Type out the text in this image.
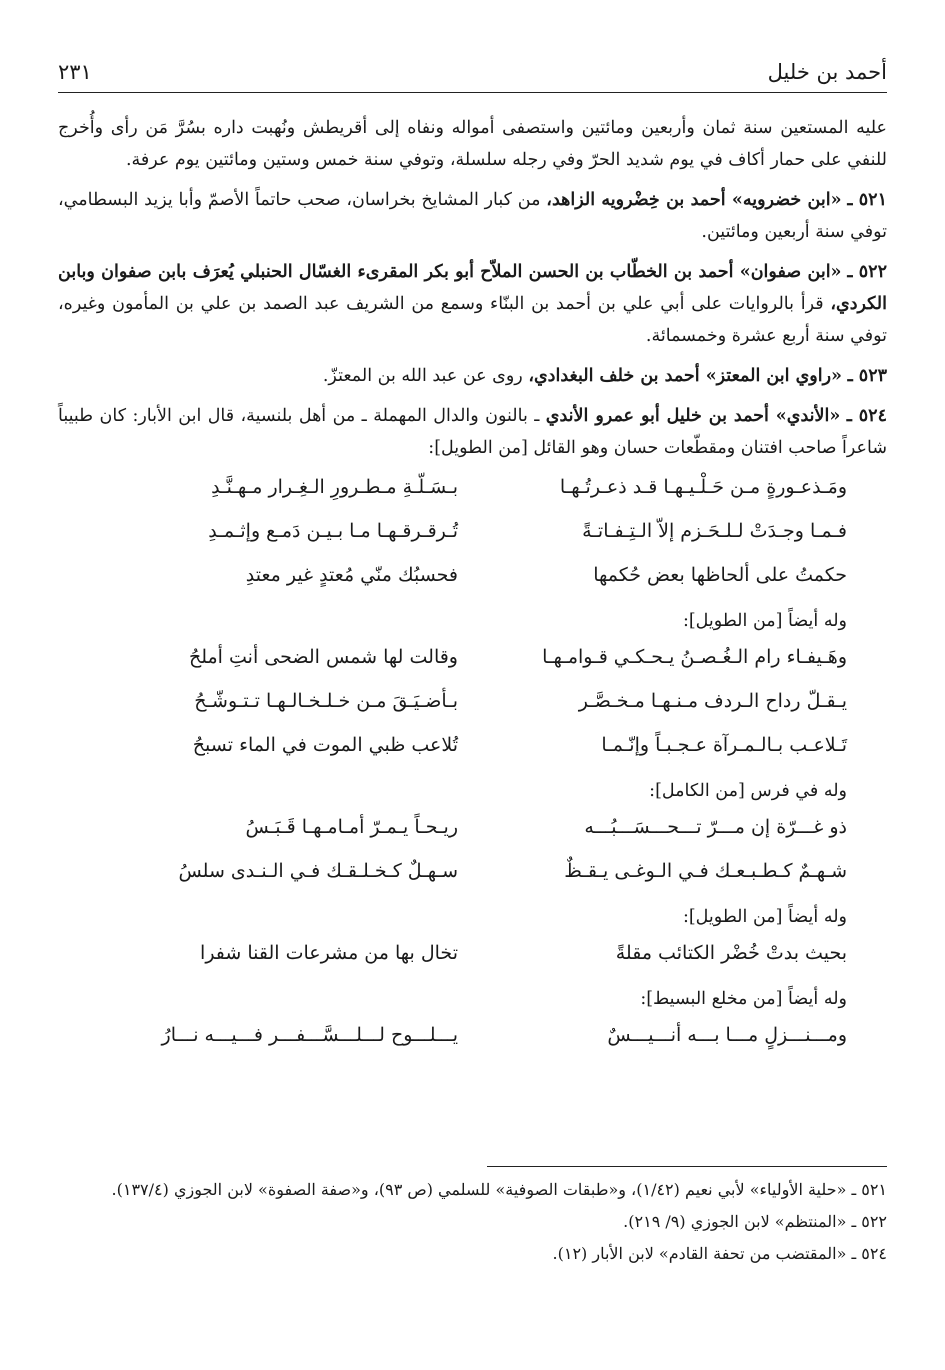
أحمد بن خليل
٢٣١

عليه المستعين سنة ثمان وأربعين ومائتين واستصفى أمواله ونفاه إلى أقريطش ونُهبت داره بسُرَّ مَن رأى وأُخرج للنفي على حمار أكاف في يوم شديد الحرّ وفي رجله سلسلة، وتوفي سنة خمس وستين ومائتين يوم عرفة.

٥٢١ ـ «ابن خضرويه» أحمد بن خِضْرويه الزاهد، من كبار المشايخ بخراسان، صحب حاتماً الأصمّ وأبا يزيد البسطامي، توفي سنة أربعين ومائتين.

٥٢٢ ـ «ابن صفوان» أحمد بن الخطّاب بن الحسن الملاّح أبو بكر المقرىء الغسّال الحنبلي يُعرَف بابن صفوان وبابن الكردي، قرأ بالروايات على أبي علي بن أحمد بن البنّاء وسمع من الشريف عبد الصمد بن علي بن المأمون وغيره، توفي سنة أربع عشرة وخمسمائة.

٥٢٣ ـ «راوي ابن المعتز» أحمد بن خلف البغدادي، روى عن عبد الله بن المعتزّ.

٥٢٤ ـ «الأندي» أحمد بن خليل أبو عمرو الأندي ـ بالنون والدال المهملة ـ من أهل بلنسية، قال ابن الأبار: كان طبيباً شاعراً صاحب افتنان ومقطّعات حسان وهو القائل [من الطويل]:

ومَـذعـورةٍ مـن حَـلْـيـهـا قـد ذعـرتُـهـا
بـسَـلّـةِ مـطـرورِ الـغِـرار مـهـنَّـدِ
فـمـا وجـدَتْ لـلـحَـزم إلاّ الـتِـفـاتـةً
تُـرقـرقـهـا مـا بـيـن دَمـع وإثـمـدِ
حكمتُ على ألحاظها بعض حُكمها
فحسبُك منّي مُعتدٍ غير معتدِ
وله أيضاً [من الطويل]:
وهَـيفـاء رام الـغُـصـنُ يـحـكـي قـوامـهـا
وقالت لها شمس الضحى أنتِ أملحُ
يـقـلّ رداح الـردف مـنـهـا مـخـصَّـر
بـأضـيَـقَ مـن خـلـخـالـهـا تـتـوشّـحُ
تَـلاعـب بـالـمـرآة عـجـبـاً وإنّـمـا
تُلاعب ظبي الموت في الماء تسبحُ
وله في فرس [من الكامل]:
ذو غـــرّة إن مـــرّ تـــحـــسَـــبُـــه
ريـحـاً يـمـرّ أمـامـهـا قَـبَـسُ
شـهـمٌ كـطـبـعـك فـي الـوغـى يـقـظٌ
سـهـلٌ كـخـلـقـك فـي الـنـدى سلسُ
وله أيضاً [من الطويل]:
بحيث بدتْ خُضْر الكتائب مقلةً
تخال بها من مشرعات القنا شفرا
وله أيضاً [من مخلع البسيط]:
ومـــنـــزلٍ مـــا بـــه أنـــيـــسٌ
يـــلـــوح لـــلـــسَّـــفـــر فـــيـــه نـــارُ

٥٢١ ـ «حلية الأولياء» لأبي نعيم (١/٤٢)، و«طبقات الصوفية» للسلمي (ص ٩٣)، و«صفة الصفوة» لابن الجوزي (١٣٧/٤).

٥٢٢ ـ «المنتظم» لابن الجوزي (٩/ ٢١٩).

٥٢٤ ـ «المقتضب من تحفة القادم» لابن الأبار (١٢).
